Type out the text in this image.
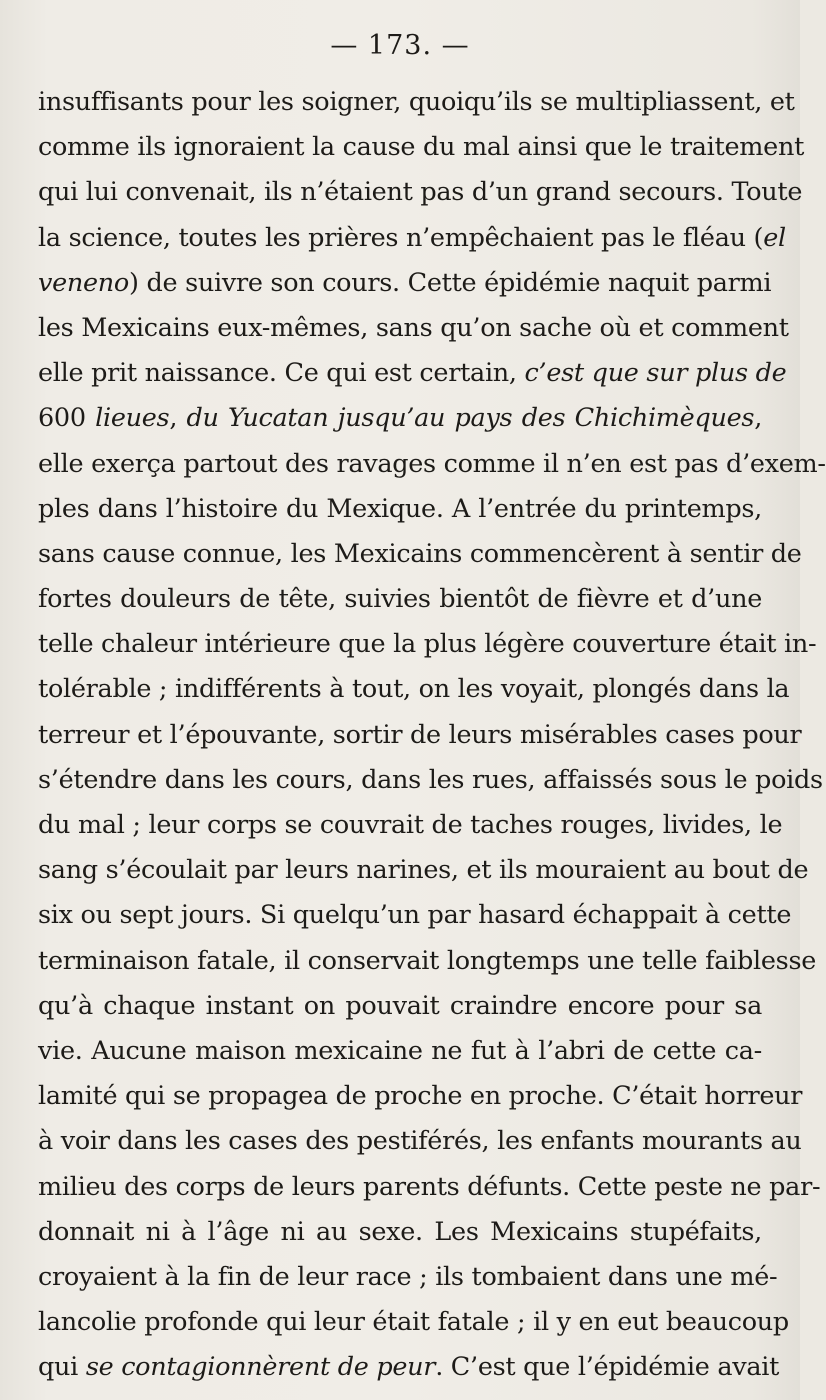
— 173. —
insuffisants pour les soigner, quoiqu’ils se multipliassent, et
comme ils ignoraient la cause du mal ainsi que le traitement
qui lui convenait, ils n’étaient pas d’un grand secours. Toute
la science, toutes les prières n’empêchaient pas le fléau (el
veneno) de suivre son cours. Cette épidémie naquit parmi
les Mexicains eux-mêmes, sans qu’on sache où et comment
elle prit naissance. Ce qui est certain, c’est que sur plus de
600 lieues, du Yucatan jusqu’au pays des Chichimèques,
elle exerça partout des ravages comme il n’en est pas d’exem-
ples dans l’histoire du Mexique. A l’entrée du printemps,
sans cause connue, les Mexicains commencèrent à sentir de
fortes douleurs de tête, suivies bientôt de fièvre et d’une
telle chaleur intérieure que la plus légère couverture était in-
tolérable ; indifférents à tout, on les voyait, plongés dans la
terreur et l’épouvante, sortir de leurs misérables cases pour
s’étendre dans les cours, dans les rues, affaissés sous le poids
du mal ; leur corps se couvrait de taches rouges, livides, le
sang s’écoulait par leurs narines, et ils mouraient au bout de
six ou sept jours. Si quelqu’un par hasard échappait à cette
terminaison fatale, il conservait longtemps une telle faiblesse
qu’à chaque instant on pouvait craindre encore pour sa
vie. Aucune maison mexicaine ne fut à l’abri de cette ca-
lamité qui se propagea de proche en proche. C’était horreur
à voir dans les cases des pestiférés, les enfants mourants au
milieu des corps de leurs parents défunts. Cette peste ne par-
donnait ni à l’âge ni au sexe. Les Mexicains stupéfaits,
croyaient à la fin de leur race ; ils tombaient dans une mé-
lancolie profonde qui leur était fatale ; il y en eut beaucoup
qui se contagionnèrent de peur. C’est que l’épidémie avait
